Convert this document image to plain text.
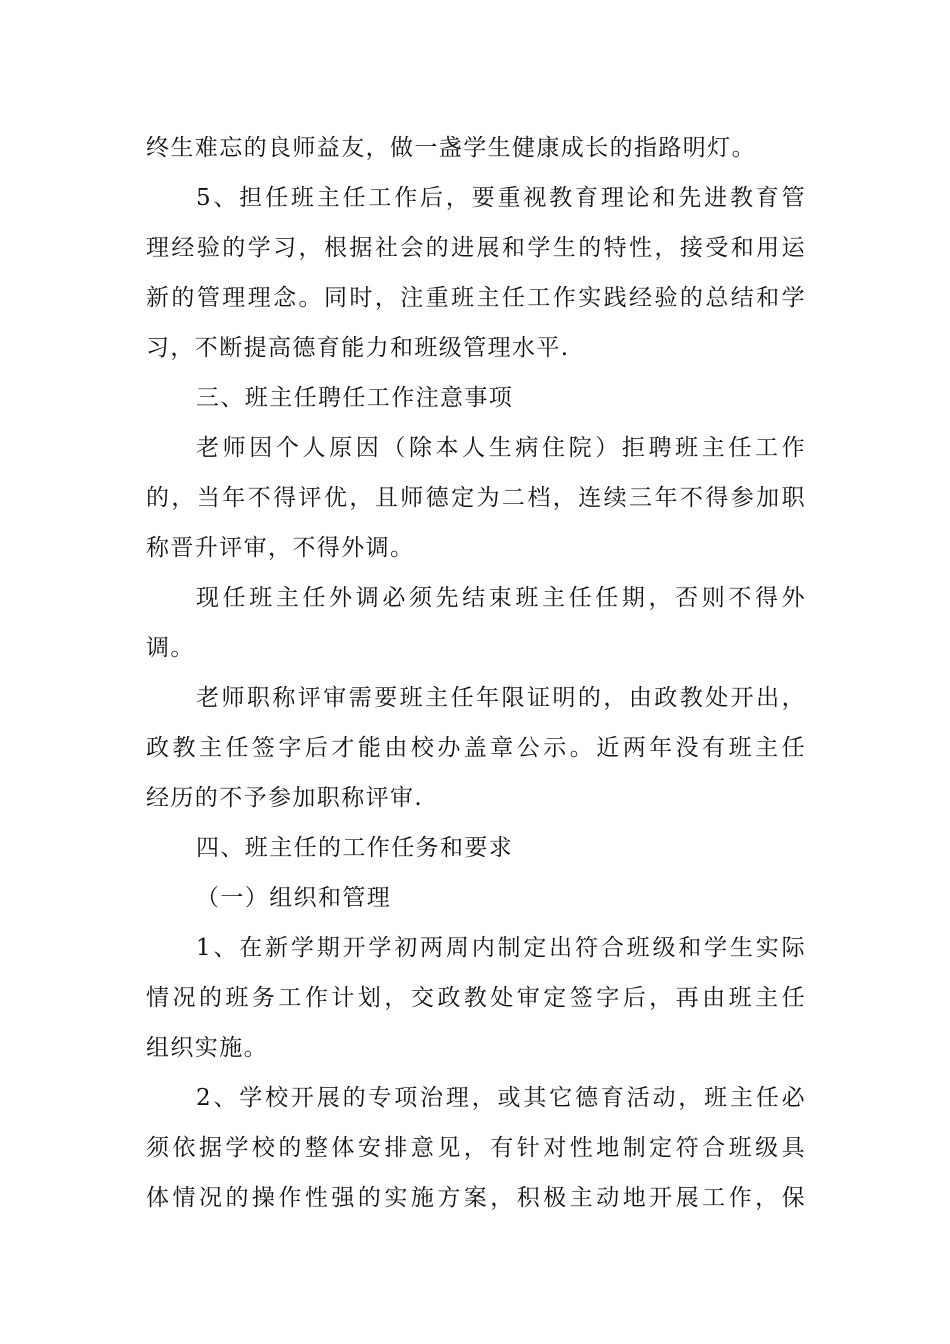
终生难忘的良师益友，做一盏学生健康成长的指路明灯。
5、担任班主任工作后，要重视教育理论和先进教育管
理经验的学习，根据社会的进展和学生的特性，接受和用运
新的管理理念。同时，注重班主任工作实践经验的总结和学
习，不断提高德育能力和班级管理水平.
三、班主任聘任工作注意事项
老师因个人原因（除本人生病住院）拒聘班主任工作
的，当年不得评优，且师德定为二档，连续三年不得参加职
称晋升评审，不得外调。
现任班主任外调必须先结束班主任任期，否则不得外
调。
老师职称评审需要班主任年限证明的，由政教处开出，
政教主任签字后才能由校办盖章公示。近两年没有班主任
经历的不予参加职称评审.
四、班主任的工作任务和要求
（一）组织和管理
1、在新学期开学初两周内制定出符合班级和学生实际
情况的班务工作计划，交政教处审定签字后，再由班主任
组织实施。
2、学校开展的专项治理，或其它德育活动，班主任必
须依据学校的整体安排意见，有针对性地制定符合班级具
体情况的操作性强的实施方案，积极主动地开展工作，保
